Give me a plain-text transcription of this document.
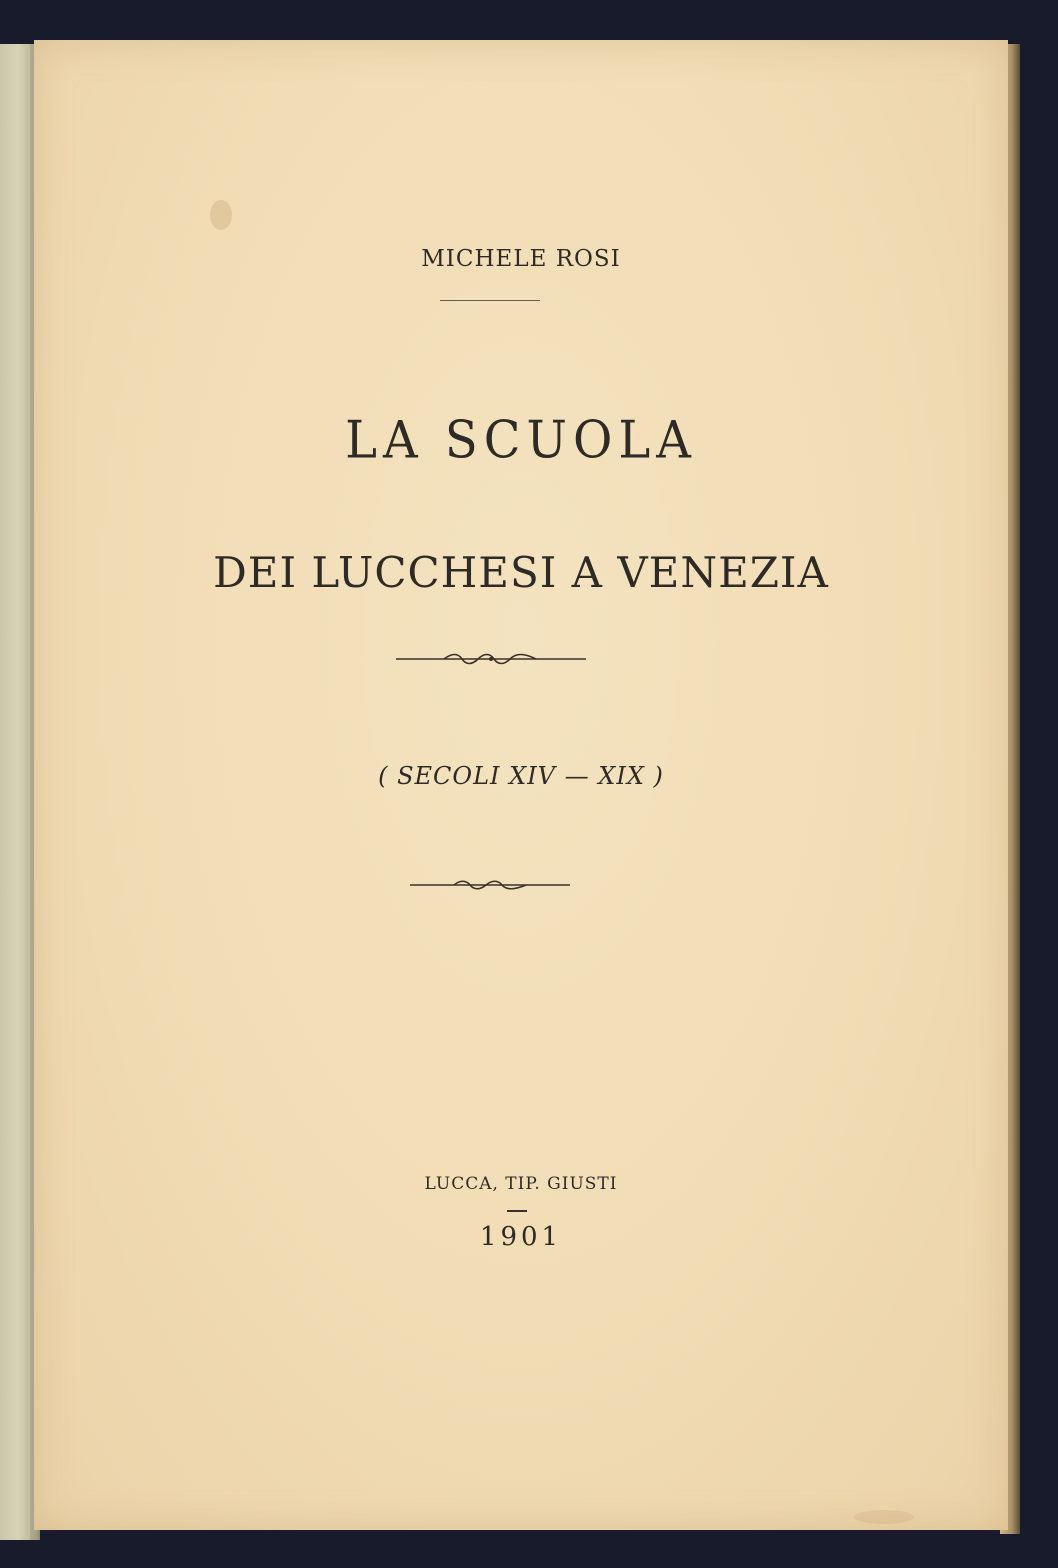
MICHELE ROSI
LA SCUOLA
DEI LUCCHESI A VENEZIA
( SECOLI XIV — XIX )
LUCCA, TIP. GIUSTI
1901
